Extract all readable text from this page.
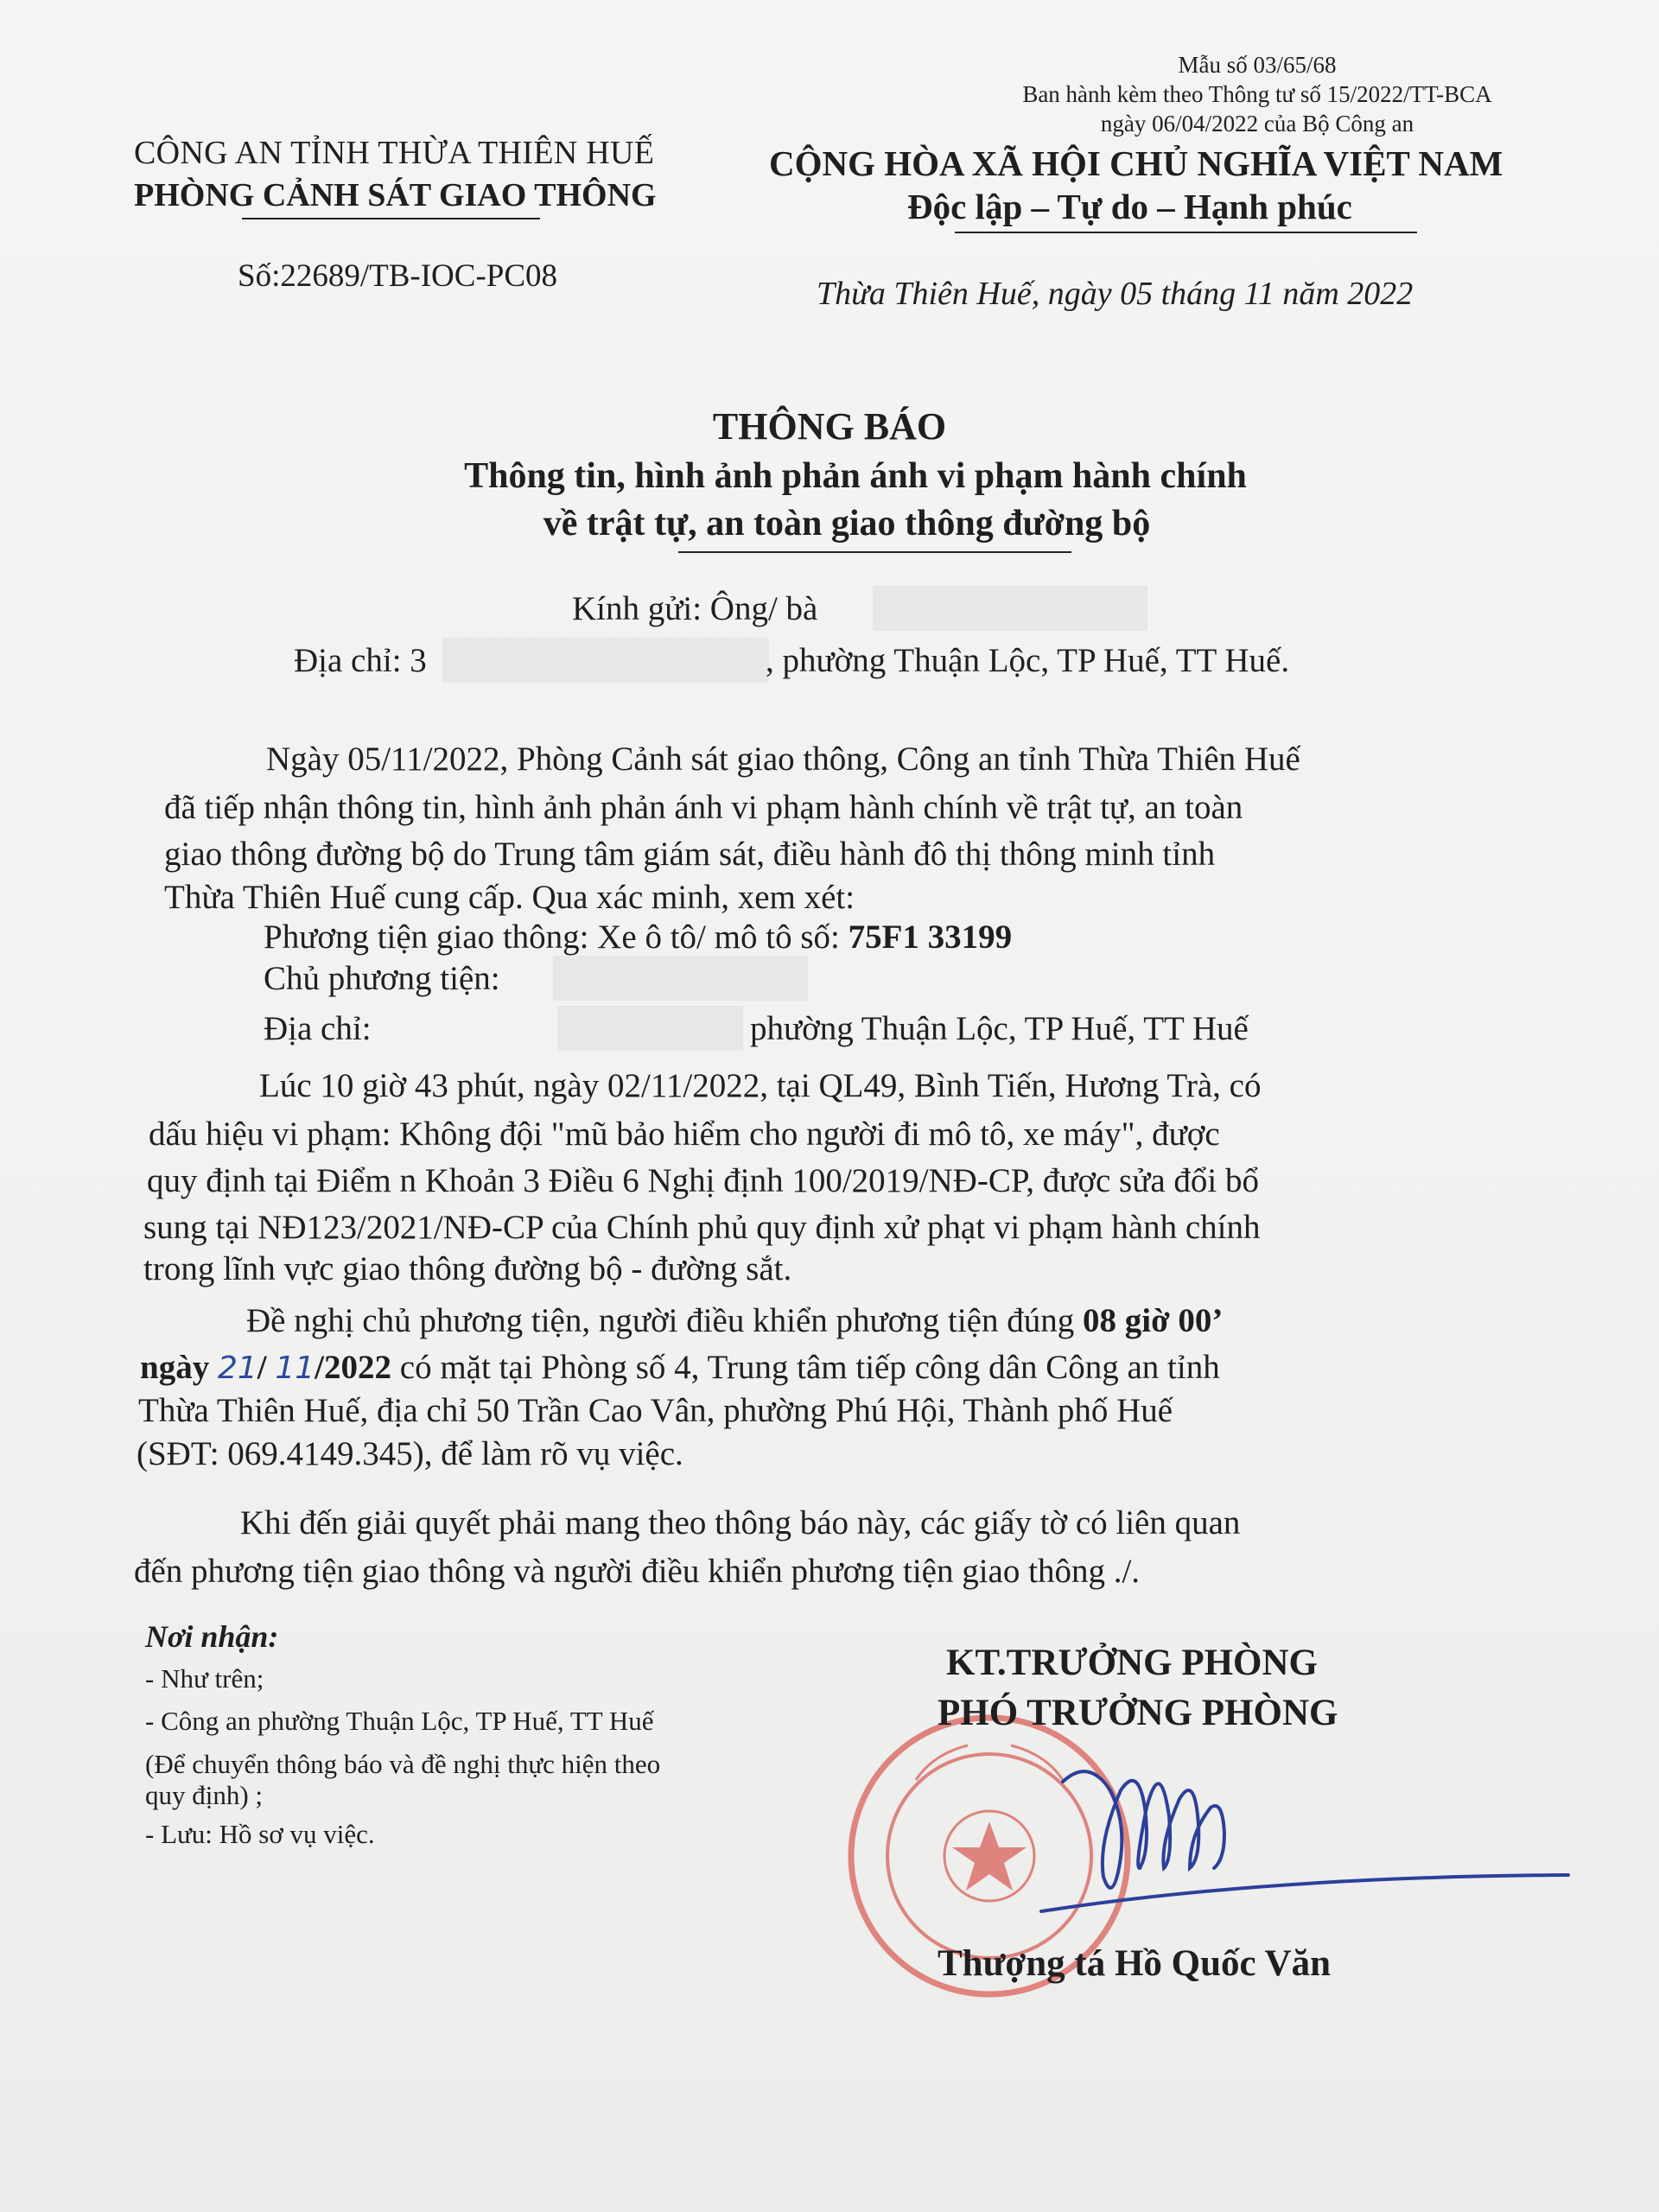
Mẫu số 03/65/68
Ban hành kèm theo Thông tư số 15/2022/TT-BCA
ngày 06/04/2022 của Bộ Công an
CÔNG AN TỈNH THỪA THIÊN HUẾ
PHÒNG CẢNH SÁT GIAO THÔNG
Số:22689/TB-IOC-PC08
CỘNG HÒA XÃ HỘI CHỦ NGHĨA VIỆT NAM
Độc lập – Tự do – Hạnh phúc
Thừa Thiên Huế, ngày 05 tháng 11 năm 2022
THÔNG BÁO
Thông tin, hình ảnh phản ánh vi phạm hành chính
về trật tự, an toàn giao thông đường bộ
Kính gửi: Ông/ bà
Địa chỉ: 3	, phường Thuận Lộc, TP Huế, TT Huế.
Ngày 05/11/2022, Phòng Cảnh sát giao thông, Công an tỉnh Thừa Thiên Huế
đã tiếp nhận thông tin, hình ảnh phản ánh vi phạm hành chính về trật tự, an toàn
giao thông đường bộ do Trung tâm giám sát, điều hành đô thị thông minh tỉnh
Thừa Thiên Huế cung cấp. Qua xác minh, xem xét:
Phương tiện giao thông: Xe ô tô/ mô tô số: 75F1 33199
Chủ phương tiện:
Địa chỉ:	phường Thuận Lộc, TP Huế, TT Huế
Lúc 10 giờ 43 phút, ngày 02/11/2022, tại QL49, Bình Tiến, Hương Trà, có
dấu hiệu vi phạm: Không đội "mũ bảo hiểm cho người đi mô tô, xe máy", được
quy định tại Điểm n Khoản 3 Điều 6 Nghị định 100/2019/NĐ-CP, được sửa đổi bổ
sung tại NĐ123/2021/NĐ-CP của Chính phủ quy định xử phạt vi phạm hành chính
trong lĩnh vực giao thông đường bộ - đường sắt.
Đề nghị chủ phương tiện, người điều khiển phương tiện đúng 08 giờ 00’
ngày 21/ 11/2022 có mặt tại Phòng số 4, Trung tâm tiếp công dân Công an tỉnh
Thừa Thiên Huế, địa chỉ 50 Trần Cao Vân, phường Phú Hội, Thành phố Huế
(SĐT: 069.4149.345), để làm rõ vụ việc.
Khi đến giải quyết phải mang theo thông báo này, các giấy tờ có liên quan
đến phương tiện giao thông và người điều khiển phương tiện giao thông ./.
Nơi nhận:
- Như trên;
- Công an phường Thuận Lộc, TP Huế, TT Huế
(Để chuyển thông báo và đề nghị thực hiện theo
quy định) ;
- Lưu: Hồ sơ vụ việc.
KT.TRƯỞNG PHÒNG
PHÓ TRƯỞNG PHÒNG
Thượng tá Hồ Quốc Văn
